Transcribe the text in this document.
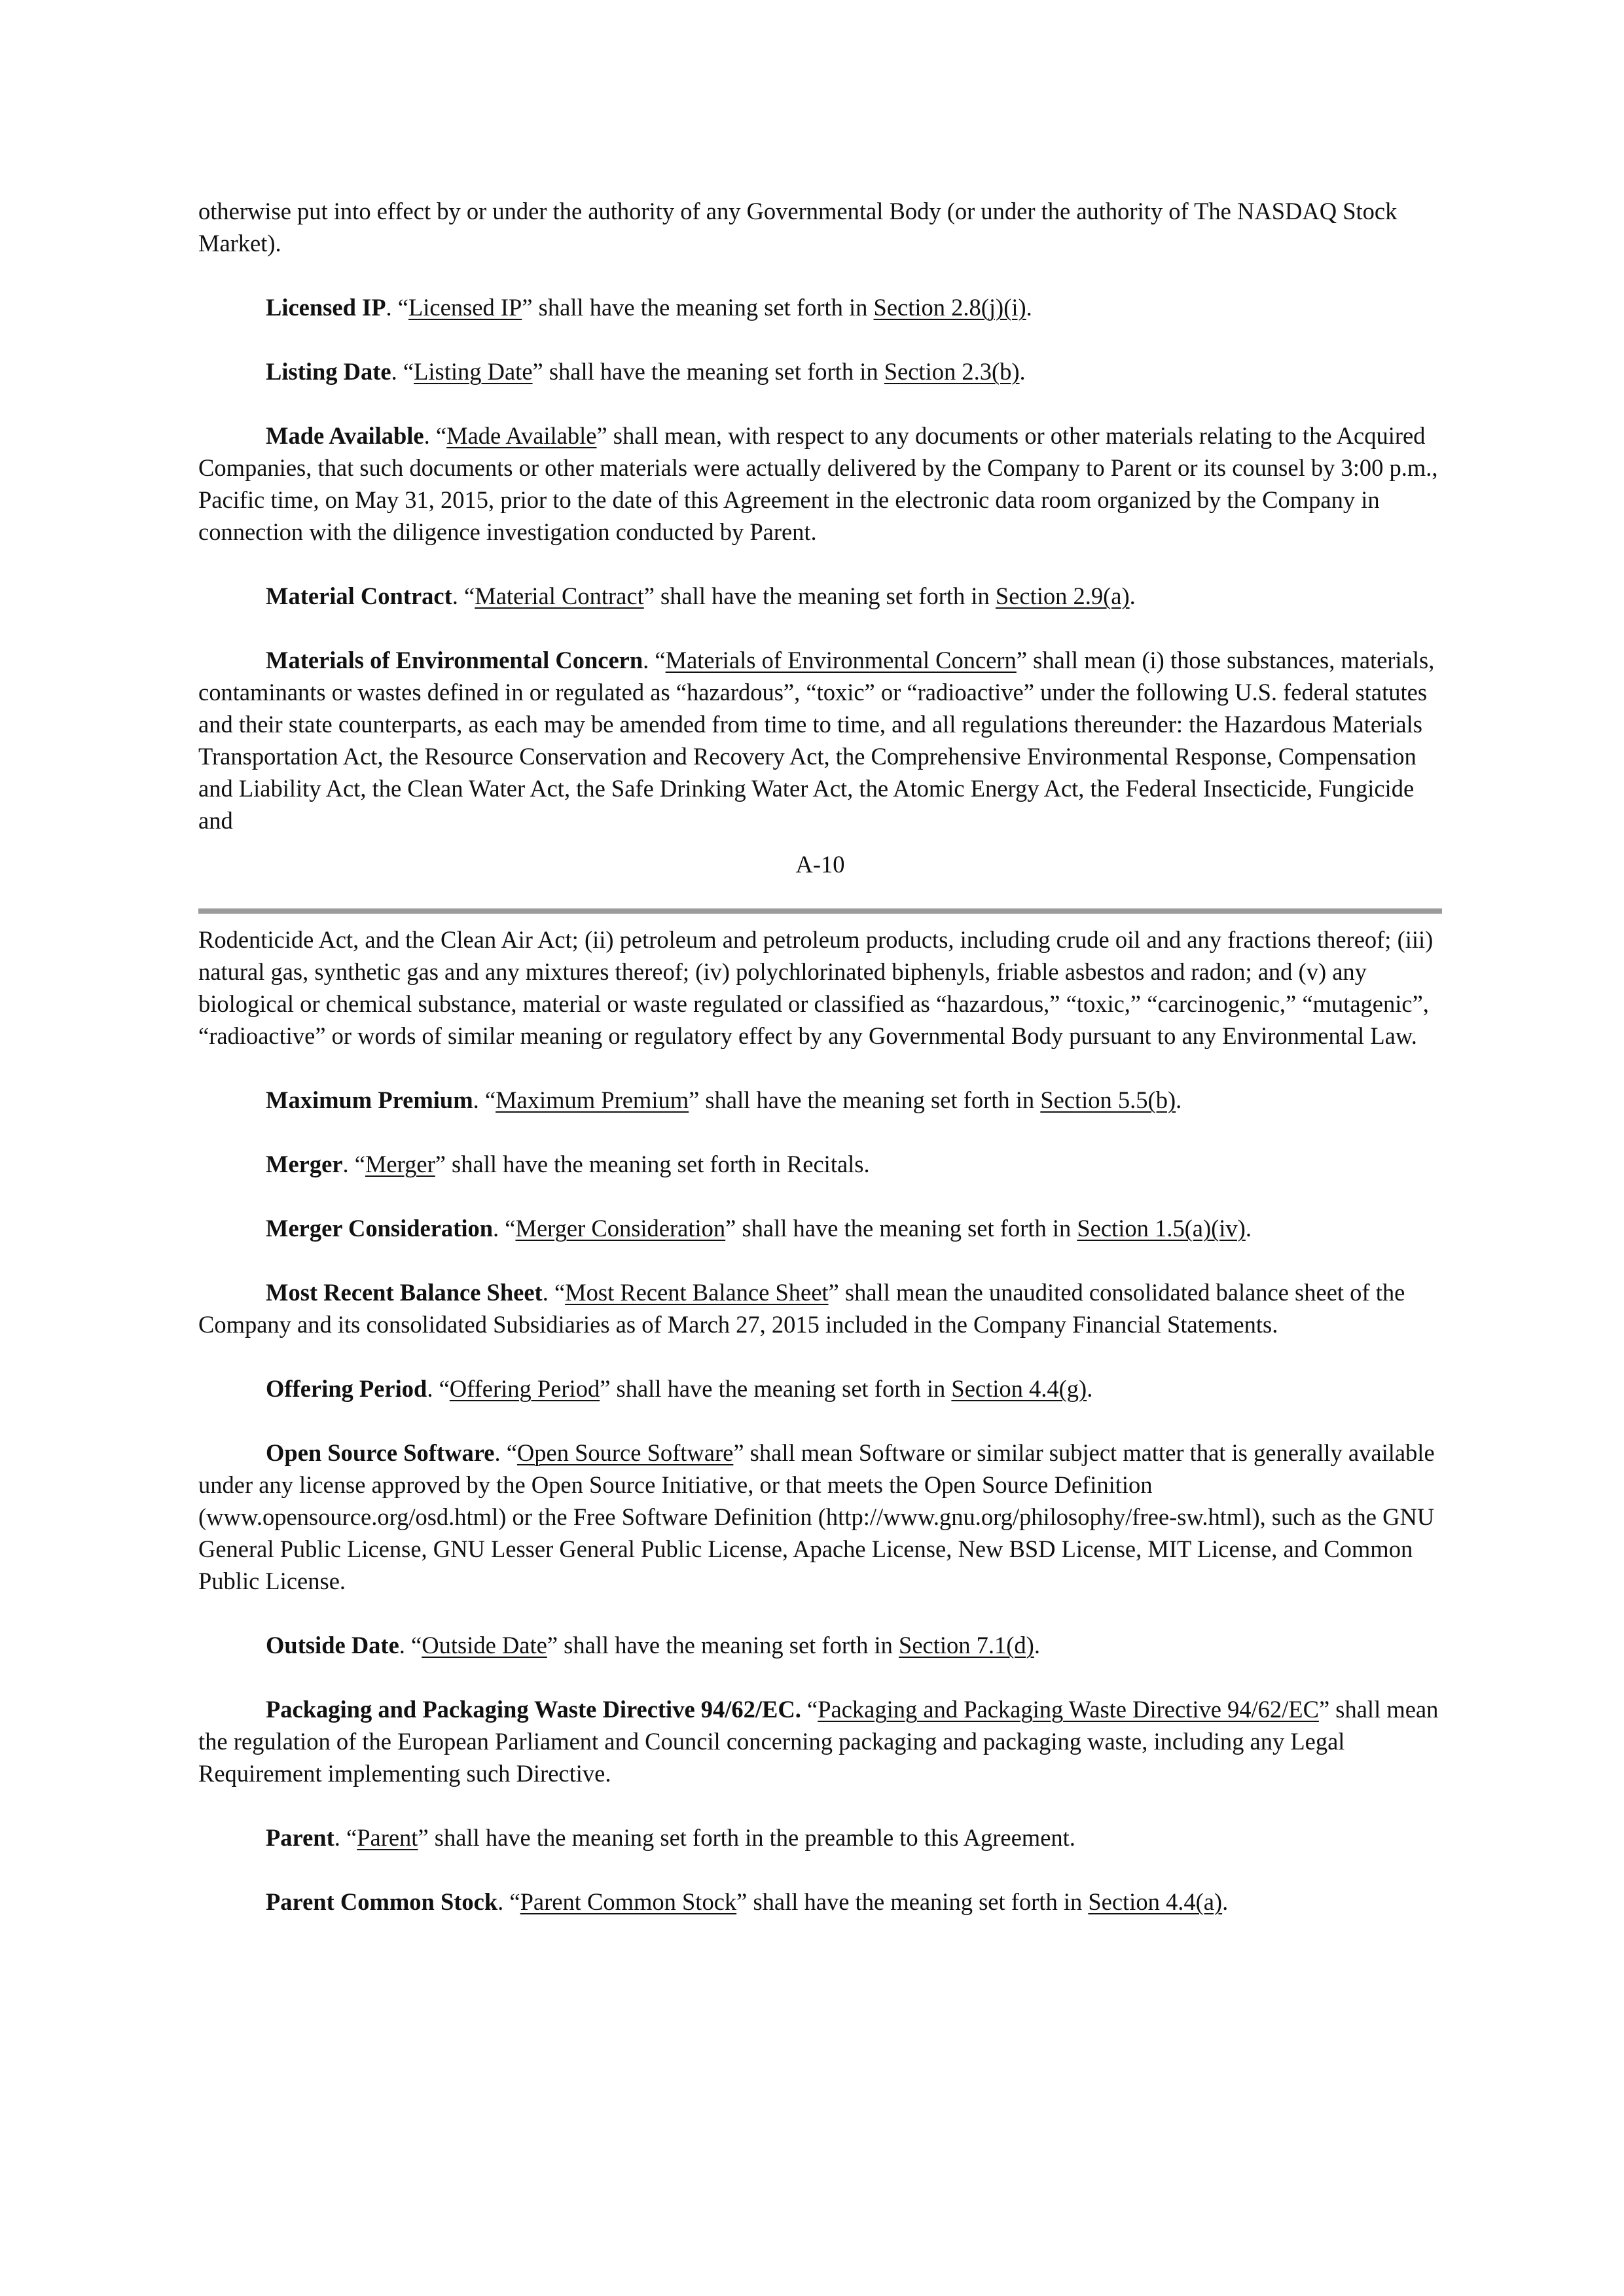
otherwise put into effect by or under the authority of any Governmental Body (or under the authority of The NASDAQ Stock Market).

Licensed IP. “Licensed IP” shall have the meaning set forth in Section 2.8(j)(i).

Listing Date. “Listing Date” shall have the meaning set forth in Section 2.3(b).

Made Available. “Made Available” shall mean, with respect to any documents or other materials relating to the Acquired Companies, that such documents or other materials were actually delivered by the Company to Parent or its counsel by 3:00 p.m., Pacific time, on May 31, 2015, prior to the date of this Agreement in the electronic data room organized by the Company in connection with the diligence investigation conducted by Parent.

Material Contract. “Material Contract” shall have the meaning set forth in Section 2.9(a).

Materials of Environmental Concern. “Materials of Environmental Concern” shall mean (i) those substances, materials, contaminants or wastes defined in or regulated as “hazardous”, “toxic” or “radioactive” under the following U.S. federal statutes and their state counterparts, as each may be amended from time to time, and all regulations thereunder: the Hazardous Materials Transportation Act, the Resource Conservation and Recovery Act, the Comprehensive Environmental Response, Compensation and Liability Act, the Clean Water Act, the Safe Drinking Water Act, the Atomic Energy Act, the Federal Insecticide, Fungicide and

A-10

Rodenticide Act, and the Clean Air Act; (ii) petroleum and petroleum products, including crude oil and any fractions thereof; (iii) natural gas, synthetic gas and any mixtures thereof; (iv) polychlorinated biphenyls, friable asbestos and radon; and (v) any biological or chemical substance, material or waste regulated or classified as “hazardous,” “toxic,” “carcinogenic,” “mutagenic”, “radioactive” or words of similar meaning or regulatory effect by any Governmental Body pursuant to any Environmental Law.

Maximum Premium. “Maximum Premium” shall have the meaning set forth in Section 5.5(b).

Merger. “Merger” shall have the meaning set forth in Recitals.

Merger Consideration. “Merger Consideration” shall have the meaning set forth in Section 1.5(a)(iv).

Most Recent Balance Sheet. “Most Recent Balance Sheet” shall mean the unaudited consolidated balance sheet of the Company and its consolidated Subsidiaries as of March 27, 2015 included in the Company Financial Statements.

Offering Period. “Offering Period” shall have the meaning set forth in Section 4.4(g).

Open Source Software. “Open Source Software” shall mean Software or similar subject matter that is generally available under any license approved by the Open Source Initiative, or that meets the Open Source Definition (www.opensource.org/osd.html) or the Free Software Definition (http://www.gnu.org/philosophy/free-sw.html), such as the GNU General Public License, GNU Lesser General Public License, Apache License, New BSD License, MIT License, and Common Public License.

Outside Date. “Outside Date” shall have the meaning set forth in Section 7.1(d).

Packaging and Packaging Waste Directive 94/62/EC. “Packaging and Packaging Waste Directive 94/62/EC” shall mean the regulation of the European Parliament and Council concerning packaging and packaging waste, including any Legal Requirement implementing such Directive.

Parent. “Parent” shall have the meaning set forth in the preamble to this Agreement.

Parent Common Stock. “Parent Common Stock” shall have the meaning set forth in Section 4.4(a).
